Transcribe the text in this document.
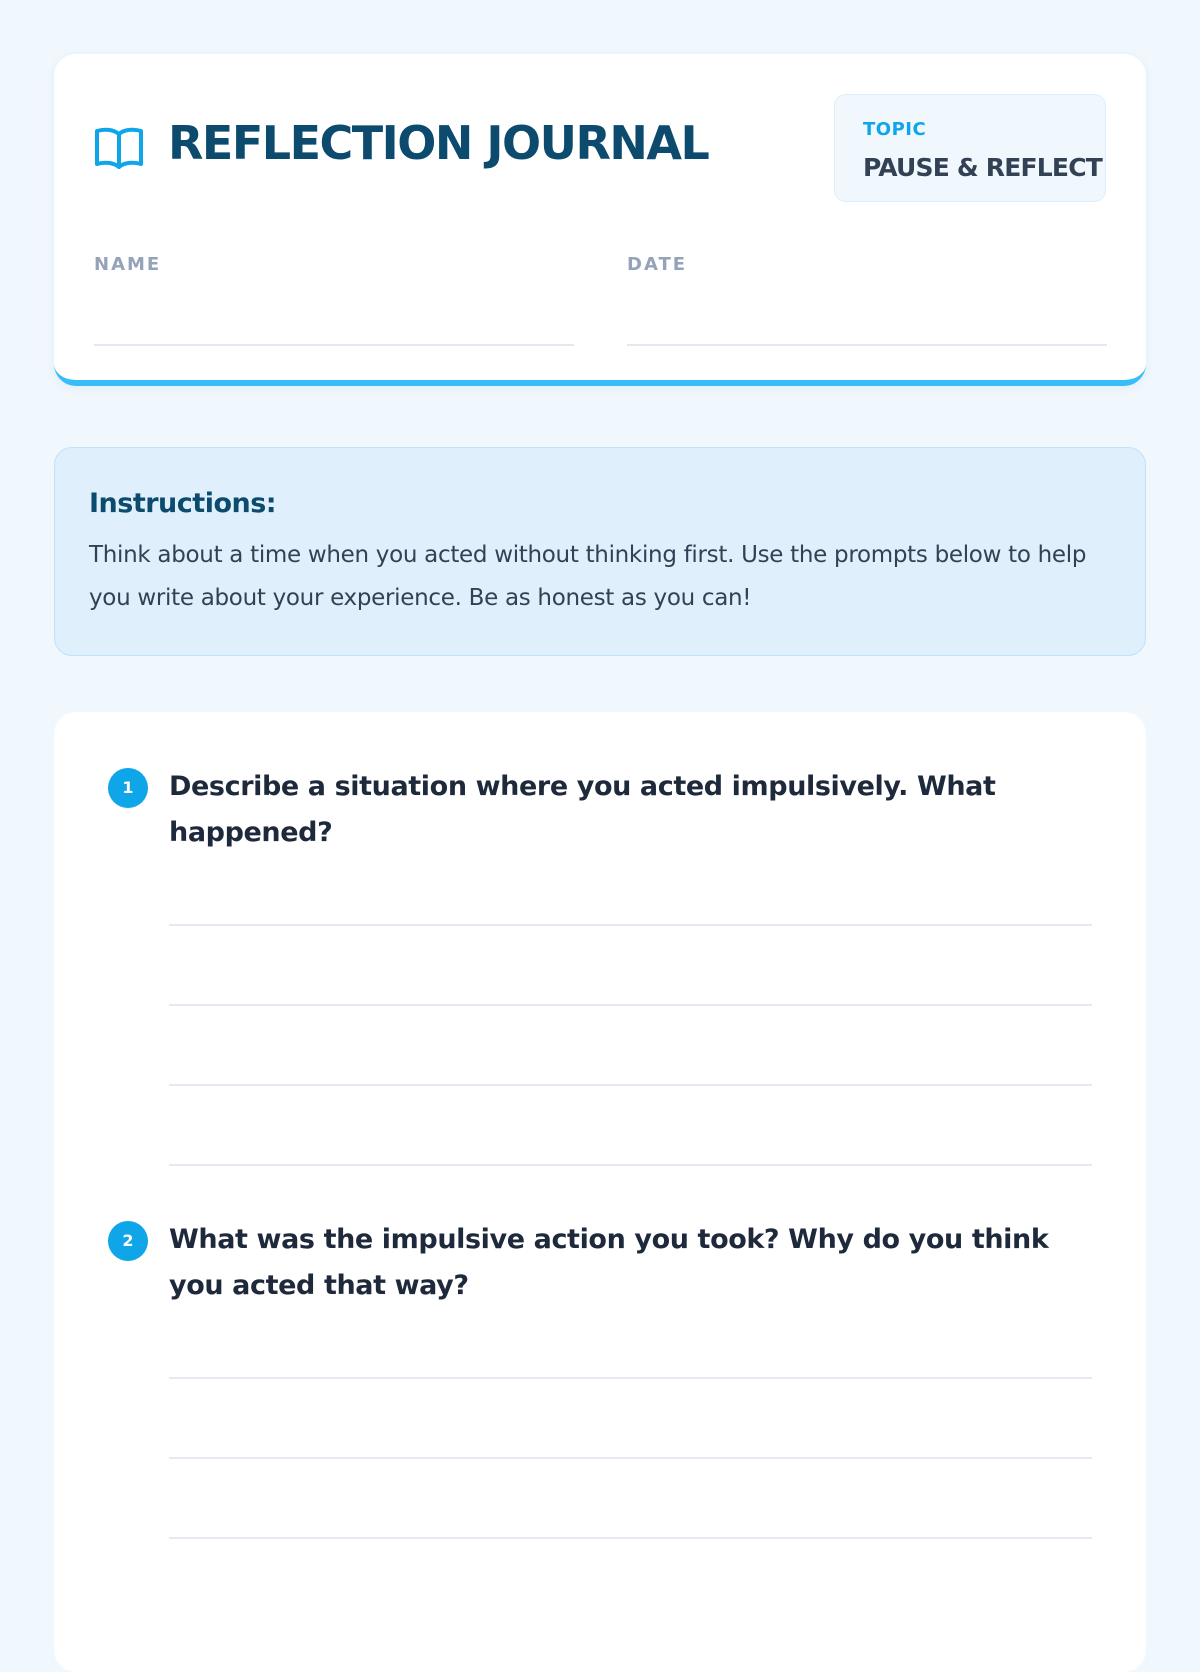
REFLECTION JOURNAL	TOPIC
PAUSE & REFLECT
NAME	DATE
Instructions:

Think about a time when you acted without thinking first. Use the prompts below to help you write about your experience. Be as honest as you can!

1	Describe a situation where you acted impulsively. What happened?

2	What was the impulsive action you took? Why do you think you acted that way?
